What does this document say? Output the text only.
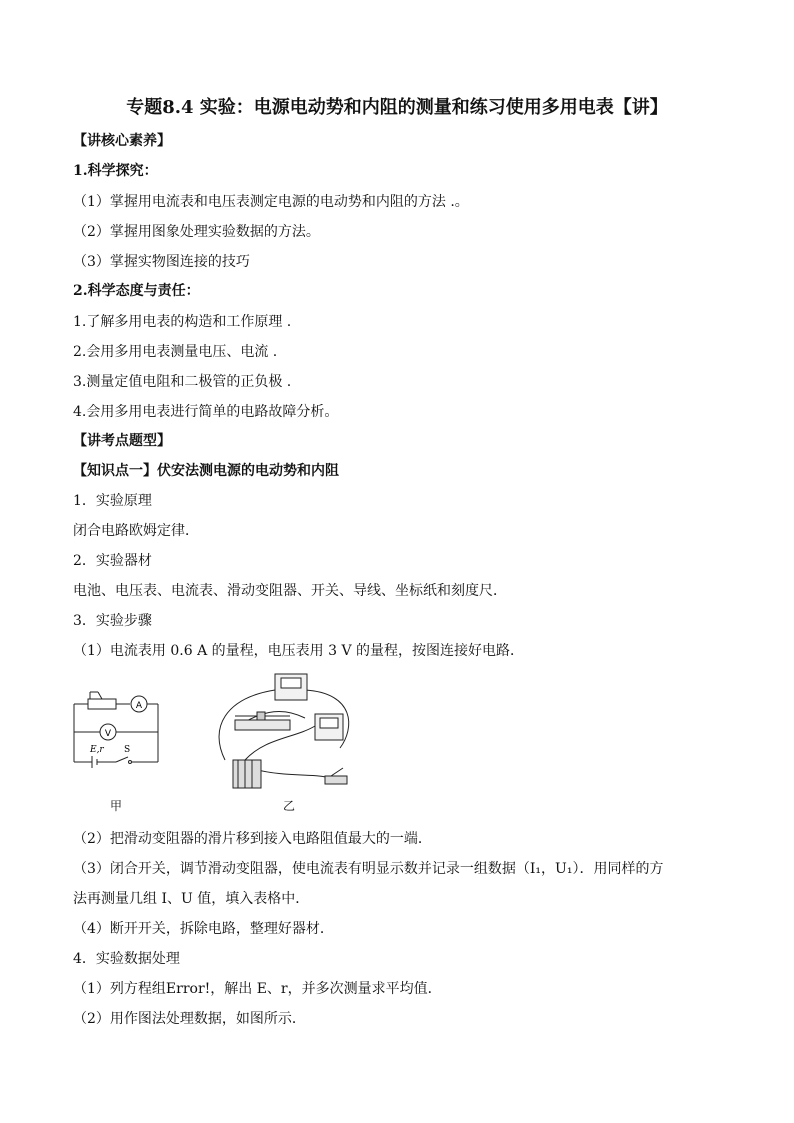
专题8.4 实验：电源电动势和内阻的测量和练习使用多用电表【讲】
【讲核心素养】
1.科学探究：
（1）掌握用电流表和电压表测定电源的电动势和内阻的方法 .。
（2）掌握用图象处理实验数据的方法。
（3）掌握实物图连接的技巧
2.科学态度与责任：
1.了解多用电表的构造和工作原理 .
2.会用多用电表测量电压、电流 .
3.测量定值电阻和二极管的正负极 .
4.会用多用电表进行简单的电路故障分析。
【讲考点题型】
【知识点一】伏安法测电源的电动势和内阻
1．实验原理
闭合电路欧姆定律．
2．实验器材
电池、电压表、电流表、滑动变阻器、开关、导线、坐标纸和刻度尺．
3．实验步骤
（1）电流表用 0.6 A 的量程，电压表用 3 V 的量程，按图连接好电路．
A
V
E,r S
甲	乙
（2）把滑动变阻器的滑片移到接入电路阻值最大的一端．
（3）闭合开关，调节滑动变阻器，使电流表有明显示数并记录一组数据（I₁，U₁）．用同样的方
法再测量几组 I、U 值，填入表格中．
（4）断开开关，拆除电路，整理好器材．
4．实验数据处理
（1）列方程组Error!，解出 E、r，并多次测量求平均值．
（2）用作图法处理数据，如图所示．
